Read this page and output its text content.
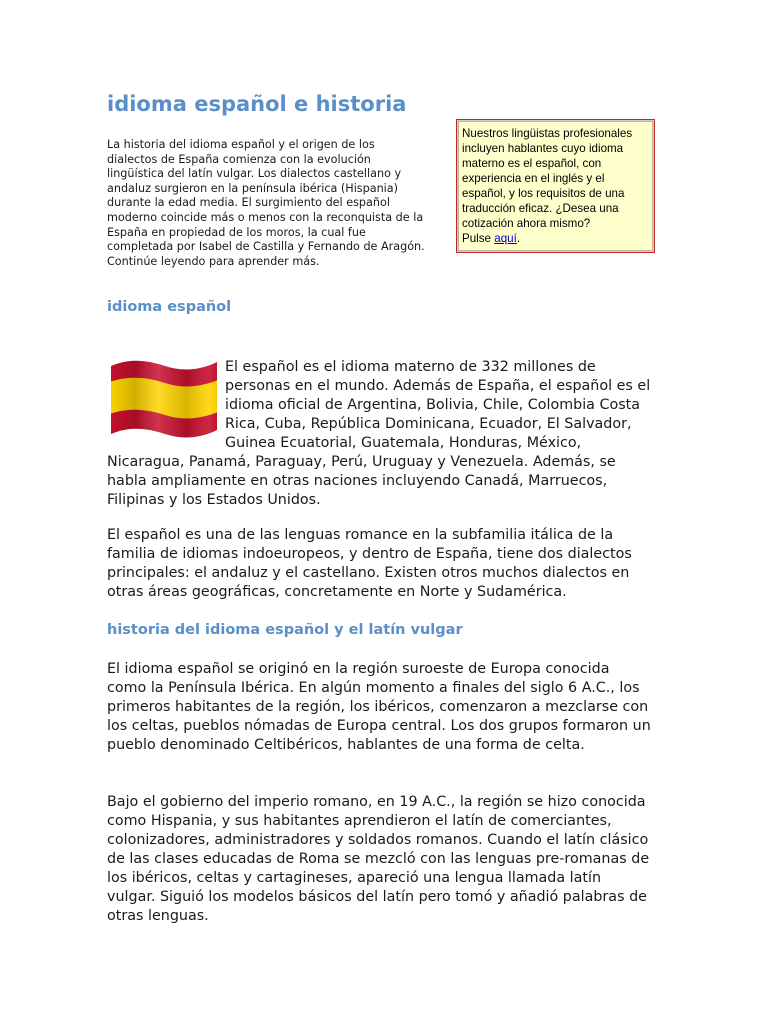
idioma español e historia

La historia del idioma español y el origen de los dialectos de España comienza con la evolución lingüística del latín vulgar. Los dialectos castellano y andaluz surgieron en la península ibérica (Hispania) durante la edad media. El surgimiento del español moderno coincide más o menos con la reconquista de la España en propiedad de los moros, la cual fue completada por Isabel de Castilla y Fernando de Aragón. Continúe leyendo para aprender más.

Nuestros lingüistas profesionales incluyen hablantes cuyo idioma materno es el español, con experiencia en el inglés y el español, y los requisitos de una traducción eficaz. ¿Desea una cotización ahora mismo?
Pulse aquí.
idioma español
El español es el idioma materno de 332 millones de personas en el mundo. Además de España, el español es el idioma oficial de Argentina, Bolivia, Chile, Colombia Costa Rica, Cuba, República Dominicana, Ecuador, El Salvador, Guinea Ecuatorial, Guatemala, Honduras, México, Nicaragua, Panamá, Paraguay, Perú, Uruguay y Venezuela. Además, se habla ampliamente en otras naciones incluyendo Canadá, Marruecos, Filipinas y los Estados Unidos.

El español es una de las lenguas romance en la subfamilia itálica de la familia de idiomas indoeuropeos, y dentro de España, tiene dos dialectos principales: el andaluz y el castellano. Existen otros muchos dialectos en otras áreas geográficas, concretamente en Norte y Sudamérica.

historia del idioma español y el latín vulgar

El idioma español se originó en la región suroeste de Europa conocida como la Península Ibérica. En algún momento a finales del siglo 6 A.C., los primeros habitantes de la región, los ibéricos, comenzaron a mezclarse con los celtas, pueblos nómadas de Europa central. Los dos grupos formaron un pueblo denominado Celtibéricos, hablantes de una forma de celta.

Bajo el gobierno del imperio romano, en 19 A.C., la región se hizo conocida como Hispania, y sus habitantes aprendieron el latín de comerciantes, colonizadores, administradores y soldados romanos. Cuando el latín clásico de las clases educadas de Roma se mezcló con las lenguas pre-romanas de los ibéricos, celtas y cartagineses, apareció una lengua llamada latín vulgar. Siguió los modelos básicos del latín pero tomó y añadió palabras de otras lenguas.
